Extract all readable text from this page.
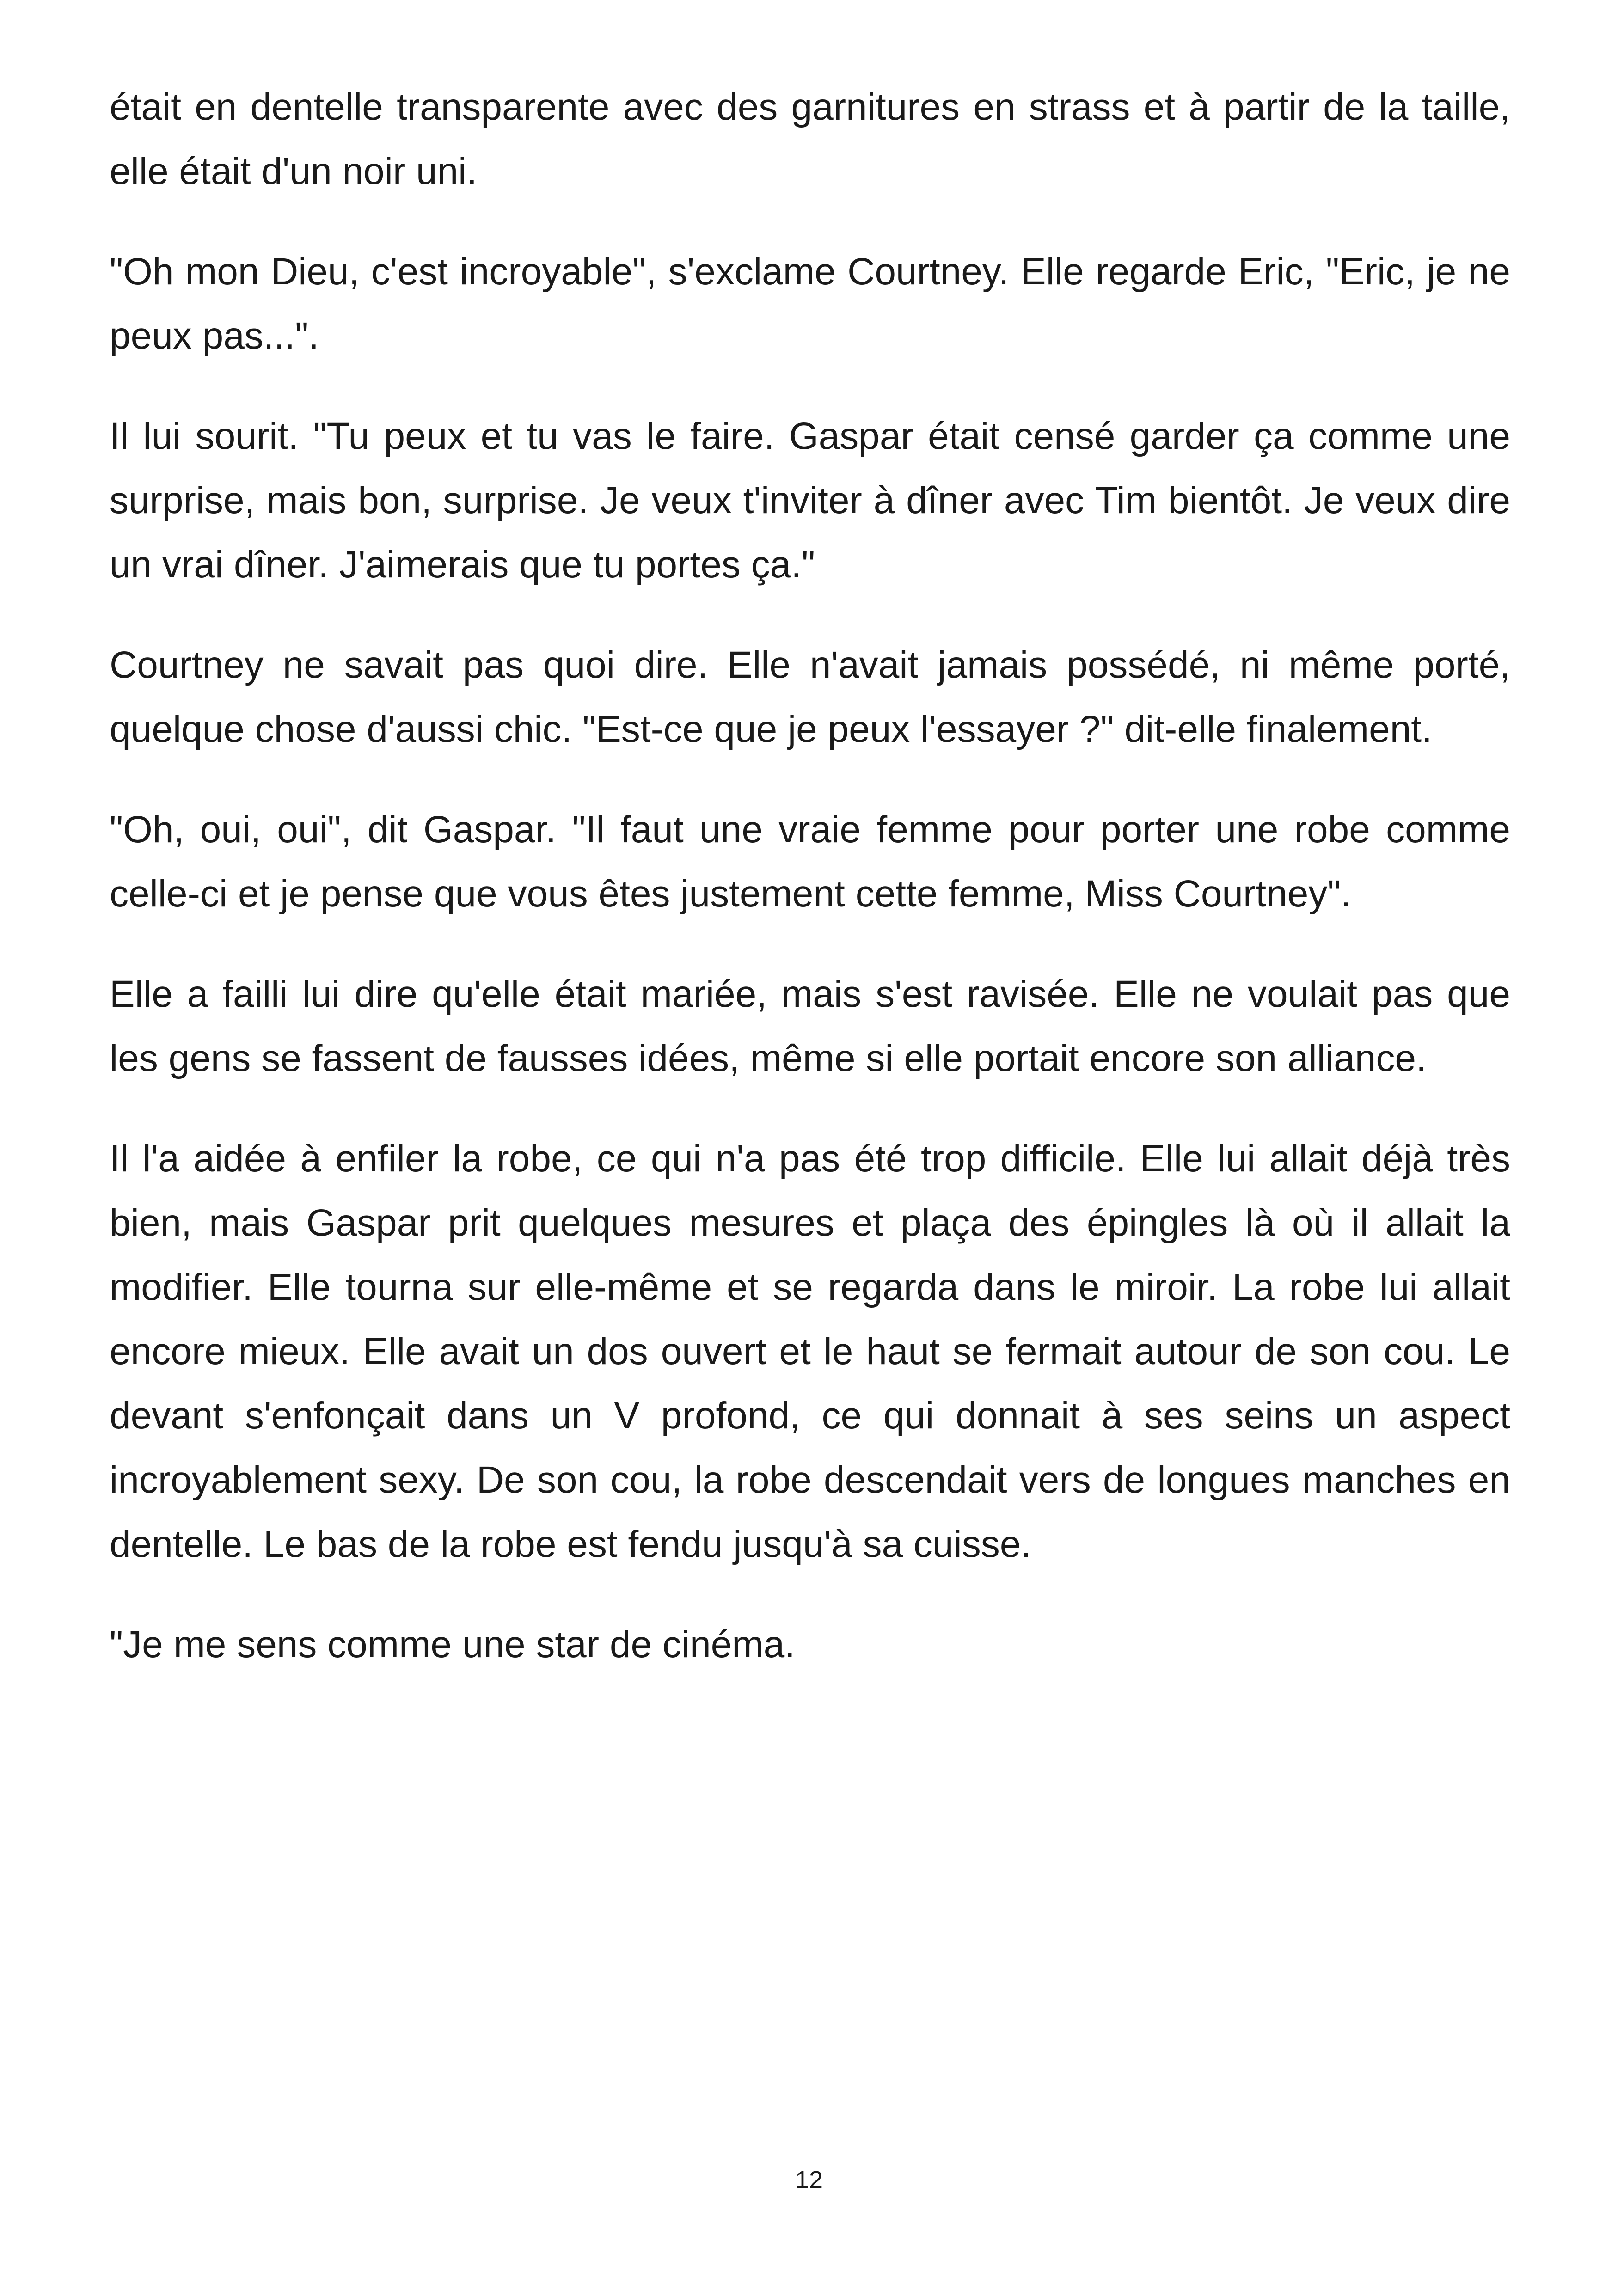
était en dentelle transparente avec des garnitures en strass et à partir de la taille, elle était d'un noir uni.

"Oh mon Dieu, c'est incroyable", s'exclame Courtney. Elle regarde Eric, "Eric, je ne peux pas...".

Il lui sourit. "Tu peux et tu vas le faire. Gaspar était censé garder ça comme une surprise, mais bon, surprise. Je veux t'inviter à dîner avec Tim bientôt. Je veux dire un vrai dîner. J'aimerais que tu portes ça."

Courtney ne savait pas quoi dire. Elle n'avait jamais possédé, ni même porté, quelque chose d'aussi chic. "Est-ce que je peux l'essayer ?" dit-elle finalement.

"Oh, oui, oui", dit Gaspar. "Il faut une vraie femme pour porter une robe comme celle-ci et je pense que vous êtes justement cette femme, Miss Courtney".

Elle a failli lui dire qu'elle était mariée, mais s'est ravisée. Elle ne voulait pas que les gens se fassent de fausses idées, même si elle portait encore son alliance.

Il l'a aidée à enfiler la robe, ce qui n'a pas été trop difficile. Elle lui allait déjà très bien, mais Gaspar prit quelques mesures et plaça des épingles là où il allait la modifier. Elle tourna sur elle-même et se regarda dans le miroir. La robe lui allait encore mieux. Elle avait un dos ouvert et le haut se fermait autour de son cou. Le devant s'enfonçait dans un V profond, ce qui donnait à ses seins un aspect incroyablement sexy. De son cou, la robe descendait vers de longues manches en dentelle. Le bas de la robe est fendu jusqu'à sa cuisse.

"Je me sens comme une star de cinéma.

12
